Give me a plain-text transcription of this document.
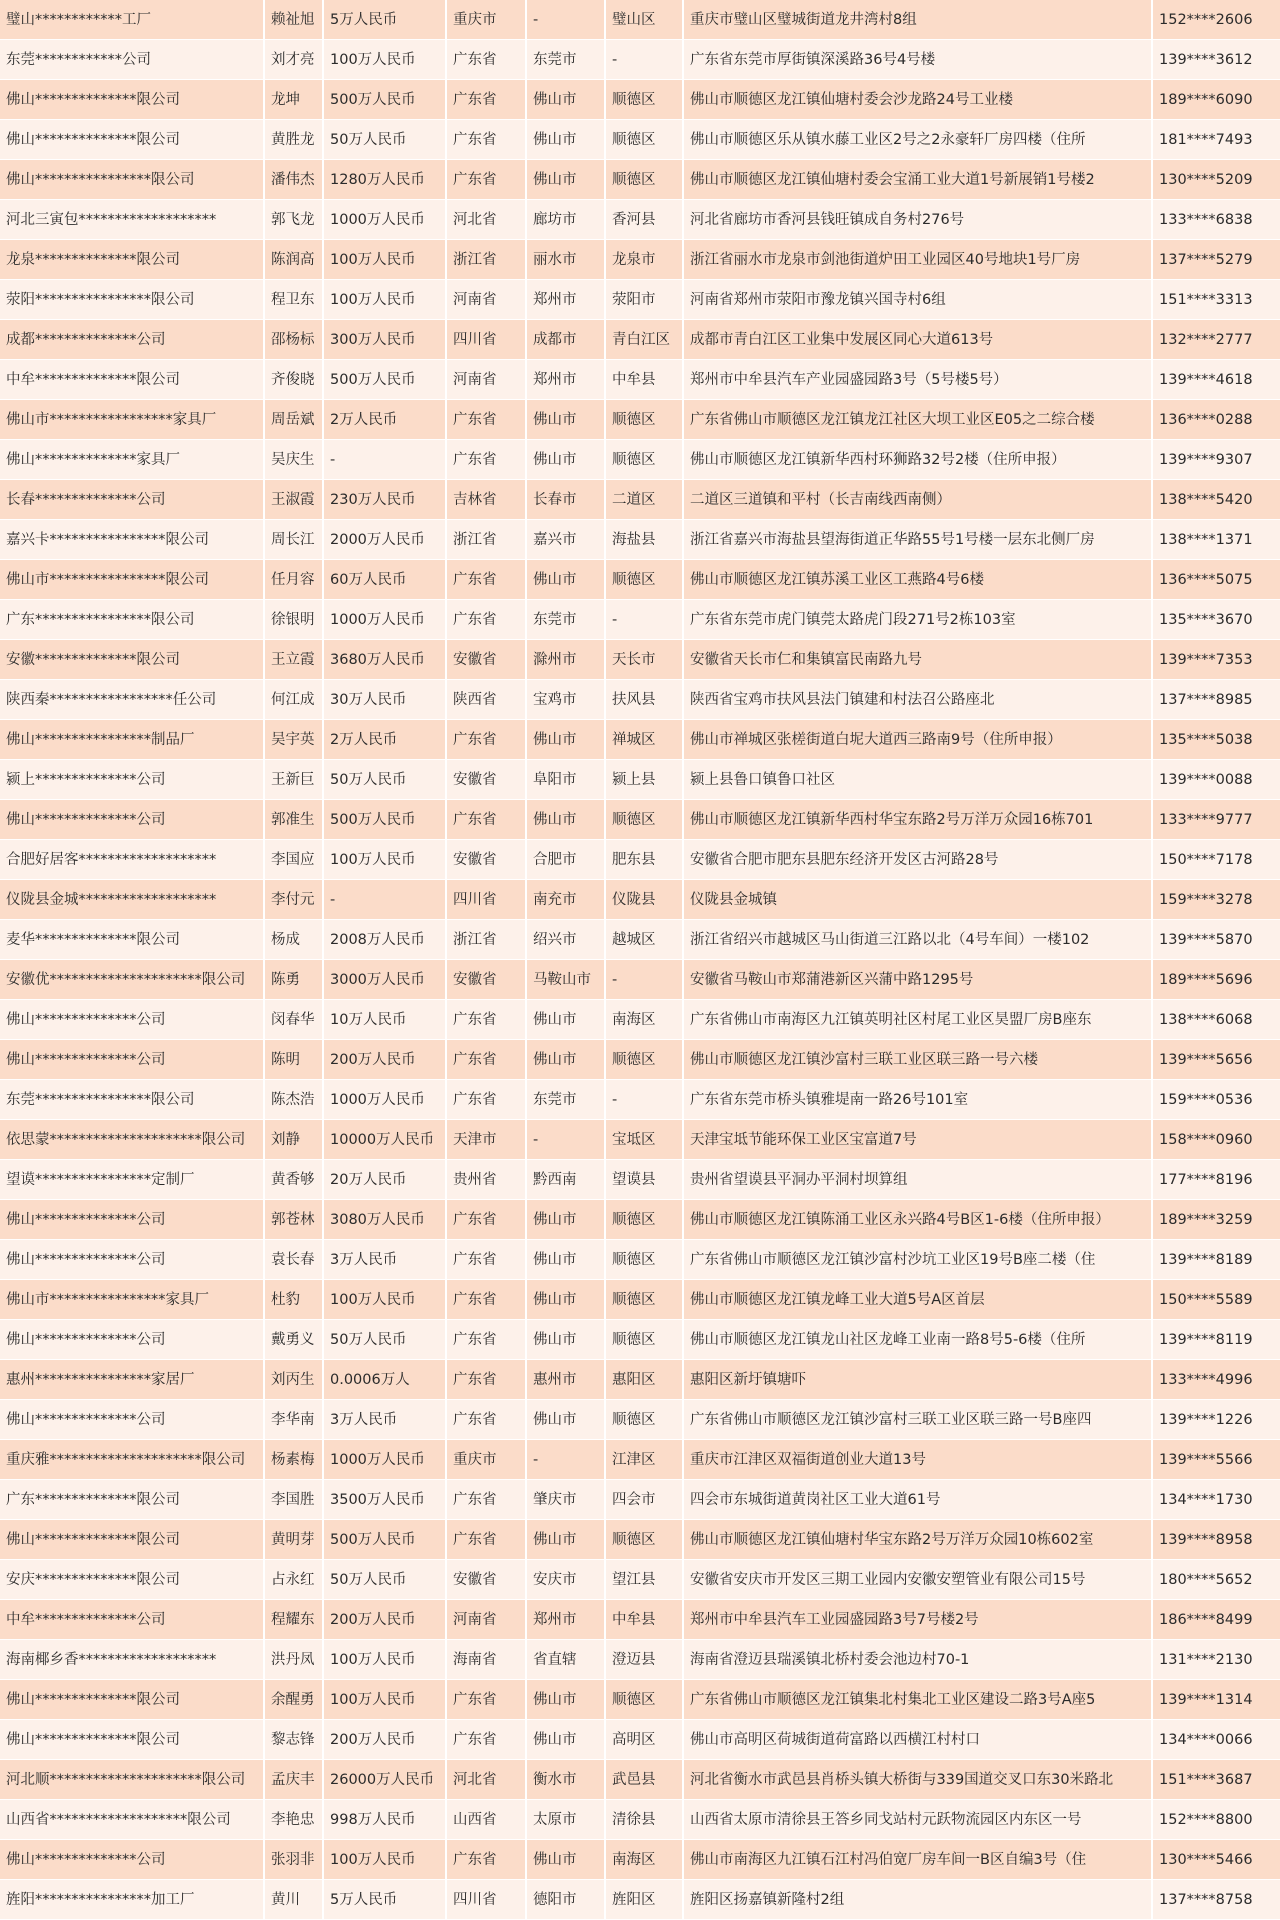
璧山************工厂	赖祉旭	5万人民币	重庆市	-	璧山区	重庆市璧山区璧城街道龙井湾村8组	152****2606
东莞************公司	刘才亮	100万人民币	广东省	东莞市	-	广东省东莞市厚街镇深溪路36号4号楼	139****3612
佛山**************限公司	龙坤	500万人民币	广东省	佛山市	顺德区	佛山市顺德区龙江镇仙塘村委会沙龙路24号工业楼	189****6090
佛山**************限公司	黄胜龙	50万人民币	广东省	佛山市	顺德区	佛山市顺德区乐从镇水藤工业区2号之2永豪轩厂房四楼（住所	181****7493
佛山****************限公司	潘伟杰	1280万人民币	广东省	佛山市	顺德区	佛山市顺德区龙江镇仙塘村委会宝涌工业大道1号新展销1号楼2	130****5209
河北三寅包*******************	郭飞龙	1000万人民币	河北省	廊坊市	香河县	河北省廊坊市香河县钱旺镇成自务村276号	133****6838
龙泉**************限公司	陈润高	100万人民币	浙江省	丽水市	龙泉市	浙江省丽水市龙泉市剑池街道炉田工业园区40号地块1号厂房	137****5279
荥阳****************限公司	程卫东	100万人民币	河南省	郑州市	荥阳市	河南省郑州市荥阳市豫龙镇兴国寺村6组	151****3313
成都**************公司	邵杨标	300万人民币	四川省	成都市	青白江区	成都市青白江区工业集中发展区同心大道613号	132****2777
中牟**************限公司	齐俊晓	500万人民币	河南省	郑州市	中牟县	郑州市中牟县汽车产业园盛园路3号（5号楼5号）	139****4618
佛山市*****************家具厂	周岳斌	2万人民币	广东省	佛山市	顺德区	广东省佛山市顺德区龙江镇龙江社区大坝工业区E05之二综合楼	136****0288
佛山**************家具厂	吴庆生	-	广东省	佛山市	顺德区	佛山市顺德区龙江镇新华西村环狮路32号2楼（住所申报）	139****9307
长春**************公司	王淑霞	230万人民币	吉林省	长春市	二道区	二道区三道镇和平村（长吉南线西南侧）	138****5420
嘉兴卡****************限公司	周长江	2000万人民币	浙江省	嘉兴市	海盐县	浙江省嘉兴市海盐县望海街道正华路55号1号楼一层东北侧厂房	138****1371
佛山市****************限公司	任月容	60万人民币	广东省	佛山市	顺德区	佛山市顺德区龙江镇苏溪工业区工燕路4号6楼	136****5075
广东****************限公司	徐银明	1000万人民币	广东省	东莞市	-	广东省东莞市虎门镇莞太路虎门段271号2栋103室	135****3670
安徽**************限公司	王立霞	3680万人民币	安徽省	滁州市	天长市	安徽省天长市仁和集镇富民南路九号	139****7353
陕西秦*****************任公司	何江成	30万人民币	陕西省	宝鸡市	扶风县	陕西省宝鸡市扶风县法门镇建和村法召公路座北	137****8985
佛山****************制品厂	吴宇英	2万人民币	广东省	佛山市	禅城区	佛山市禅城区张槎街道白坭大道西三路南9号（住所申报）	135****5038
颍上**************公司	王新巨	50万人民币	安徽省	阜阳市	颍上县	颍上县鲁口镇鲁口社区	139****0088
佛山**************公司	郭准生	500万人民币	广东省	佛山市	顺德区	佛山市顺德区龙江镇新华西村华宝东路2号万洋万众园16栋701	133****9777
合肥好居客*******************	李国应	100万人民币	安徽省	合肥市	肥东县	安徽省合肥市肥东县肥东经济开发区古河路28号	150****7178
仪陇县金城*******************	李付元	-	四川省	南充市	仪陇县	仪陇县金城镇	159****3278
麦华**************限公司	杨成	2008万人民币	浙江省	绍兴市	越城区	浙江省绍兴市越城区马山街道三江路以北（4号车间）一楼102	139****5870
安徽优*********************限公司	陈勇	3000万人民币	安徽省	马鞍山市	-	安徽省马鞍山市郑蒲港新区兴蒲中路1295号	189****5696
佛山**************公司	闵春华	10万人民币	广东省	佛山市	南海区	广东省佛山市南海区九江镇英明社区村尾工业区昊盟厂房B座东	138****6068
佛山**************公司	陈明	200万人民币	广东省	佛山市	顺德区	佛山市顺德区龙江镇沙富村三联工业区联三路一号六楼	139****5656
东莞****************限公司	陈杰浩	1000万人民币	广东省	东莞市	-	广东省东莞市桥头镇雅堤南一路26号101室	159****0536
依思蒙*********************限公司	刘静	10000万人民币	天津市	-	宝坻区	天津宝坻节能环保工业区宝富道7号	158****0960
望谟****************定制厂	黄香够	20万人民币	贵州省	黔西南	望谟县	贵州省望谟县平洞办平洞村坝算组	177****8196
佛山**************公司	郭苍林	3080万人民币	广东省	佛山市	顺德区	佛山市顺德区龙江镇陈涌工业区永兴路4号B区1-6楼（住所申报）	189****3259
佛山**************公司	袁长春	3万人民币	广东省	佛山市	顺德区	广东省佛山市顺德区龙江镇沙富村沙坑工业区19号B座二楼（住	139****8189
佛山市****************家具厂	杜豹	100万人民币	广东省	佛山市	顺德区	佛山市顺德区龙江镇龙峰工业大道5号A区首层	150****5589
佛山**************公司	戴勇义	50万人民币	广东省	佛山市	顺德区	佛山市顺德区龙江镇龙山社区龙峰工业南一路8号5-6楼（住所	139****8119
惠州****************家居厂	刘丙生	0.0006万人	广东省	惠州市	惠阳区	惠阳区新圩镇塘吓	133****4996
佛山**************公司	李华南	3万人民币	广东省	佛山市	顺德区	广东省佛山市顺德区龙江镇沙富村三联工业区联三路一号B座四	139****1226
重庆雅*********************限公司	杨素梅	1000万人民币	重庆市	-	江津区	重庆市江津区双福街道创业大道13号	139****5566
广东**************限公司	李国胜	3500万人民币	广东省	肇庆市	四会市	四会市东城街道黄岗社区工业大道61号	134****1730
佛山**************限公司	黄明芽	500万人民币	广东省	佛山市	顺德区	佛山市顺德区龙江镇仙塘村华宝东路2号万洋万众园10栋602室	139****8958
安庆**************限公司	占永红	50万人民币	安徽省	安庆市	望江县	安徽省安庆市开发区三期工业园内安徽安塑管业有限公司15号	180****5652
中牟**************公司	程耀东	200万人民币	河南省	郑州市	中牟县	郑州市中牟县汽车工业园盛园路3号7号楼2号	186****8499
海南椰乡香*******************	洪丹凤	100万人民币	海南省	省直辖	澄迈县	海南省澄迈县瑞溪镇北桥村委会池边村70-1	131****2130
佛山**************限公司	余醒勇	100万人民币	广东省	佛山市	顺德区	广东省佛山市顺德区龙江镇集北村集北工业区建设二路3号A座5	139****1314
佛山**************限公司	黎志锋	200万人民币	广东省	佛山市	高明区	佛山市高明区荷城街道荷富路以西横江村村口	134****0066
河北顺*********************限公司	孟庆丰	26000万人民币	河北省	衡水市	武邑县	河北省衡水市武邑县肖桥头镇大桥街与339国道交叉口东30米路北	151****3687
山西省*******************限公司	李艳忠	998万人民币	山西省	太原市	清徐县	山西省太原市清徐县王答乡同戈站村元跃物流园区内东区一号	152****8800
佛山**************公司	张羽非	100万人民币	广东省	佛山市	南海区	佛山市南海区九江镇石江村冯伯宽厂房车间一B区自编3号（住	130****5466
旌阳****************加工厂	黄川	5万人民币	四川省	德阳市	旌阳区	旌阳区扬嘉镇新隆村2组	137****8758
